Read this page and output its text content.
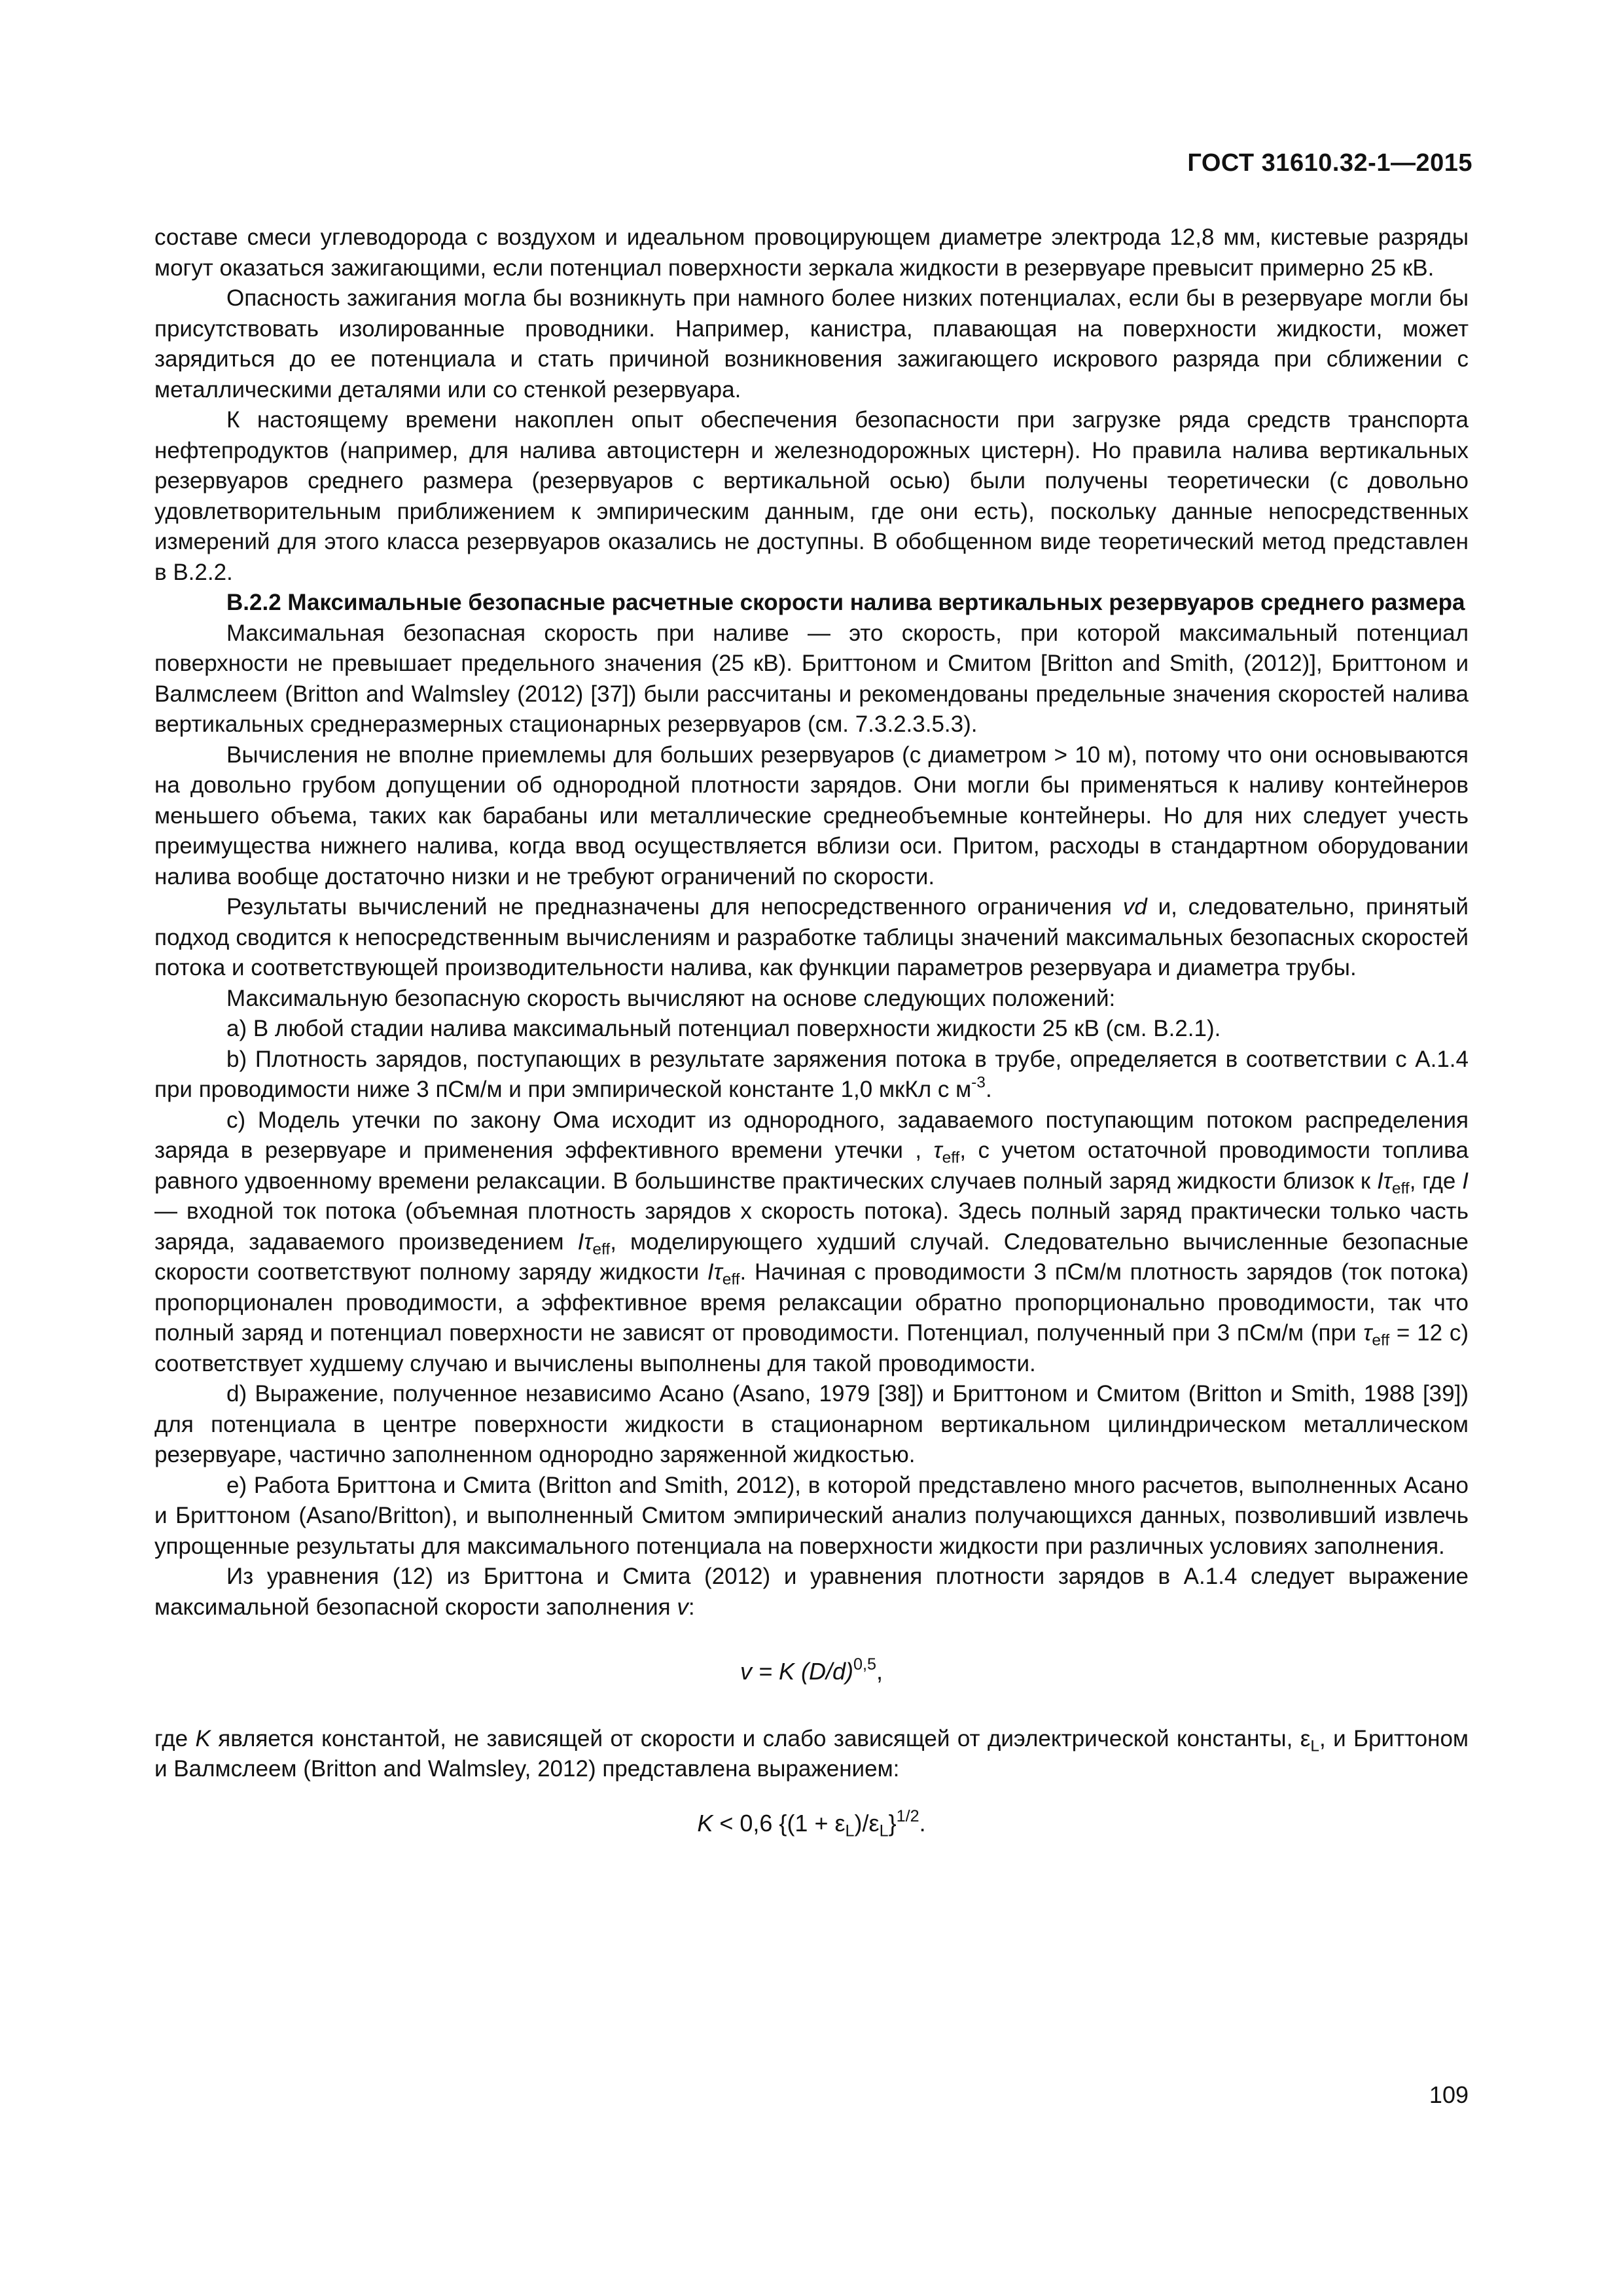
ГОСТ 31610.32-1—2015

составе смеси углеводорода с воздухом и идеальном провоцирующем диаметре электрода 12,8 мм, кистевые разряды могут оказаться зажигающими, если потенциал поверхности зеркала жидкости в резервуаре превысит примерно 25 кВ.

Опасность зажигания могла бы возникнуть при намного более низких потенциалах, если бы в резервуаре могли бы присутствовать изолированные проводники. Например, канистра, плавающая на поверхности жидкости, может зарядиться до ее потенциала и стать причиной возникновения зажигающего искрового разряда при сближении с металлическими деталями или со стенкой резервуара.

К настоящему времени накоплен опыт обеспечения безопасности при загрузке ряда средств транспорта нефтепродуктов (например, для налива автоцистерн и железнодорожных цистерн). Но правила налива вертикальных резервуаров среднего размера (резервуаров с вертикальной осью) были получены теоретически (с довольно удовлетворительным приближением к эмпирическим данным, где они есть), поскольку данные непосредственных измерений для этого класса резервуаров оказались не доступны. В обобщенном виде теоретический метод представлен в В.2.2.

В.2.2 Максимальные безопасные расчетные скорости налива вертикальных резервуаров среднего размера

Максимальная безопасная скорость при наливе — это скорость, при которой максимальный потенциал поверхности не превышает предельного значения (25 кВ). Бриттоном и Смитом [Britton and Smith, (2012)], Бриттоном и Валмслеем (Britton and Walmsley (2012) [37]) были рассчитаны и рекомендованы предельные значения скоростей налива вертикальных среднеразмерных стационарных резервуаров (см. 7.3.2.3.5.3).

Вычисления не вполне приемлемы для больших резервуаров (с диаметром > 10 м), потому что они основываются на довольно грубом допущении об однородной плотности зарядов. Они могли бы применяться к наливу контейнеров меньшего объема, таких как барабаны или металлические среднеобъемные контейнеры. Но для них следует учесть преимущества нижнего налива, когда ввод осуществляется вблизи оси. Притом, расходы в стандартном оборудовании налива вообще достаточно низки и не требуют ограничений по скорости.

Результаты вычислений не предназначены для непосредственного ограничения vd и, следовательно, принятый подход сводится к непосредственным вычислениям и разработке таблицы значений максимальных безопасных скоростей потока и соответствующей производительности налива, как функции параметров резервуара и диаметра трубы.

Максимальную безопасную скорость вычисляют на основе следующих положений:

a) В любой стадии налива максимальный потенциал поверхности жидкости 25 кВ (см. В.2.1).

b) Плотность зарядов, поступающих в результате заряжения потока в трубе, определяется в соответствии с А.1.4 при проводимости ниже 3 пСм/м и при эмпирической константе 1,0 мкКл с $м^{-3}$.

c) Модель утечки по закону Ома исходит из однородного, задаваемого поступающим потоком распределения заряда в резервуаре и применения эффективного времени утечки , $\tau_{eff}$, с учетом остаточной проводимости топлива равного удвоенному времени релаксации. В большинстве практических случаев полный заряд жидкости близок к $I\tau_{eff}$, где I — входной ток потока (объемная плотность зарядов х скорость потока). Здесь полный заряд практически только часть заряда, задаваемого произведением $I\tau_{eff}$, моделирующего худший случай. Следовательно вычисленные безопасные скорости соответствуют полному заряду жидкости $I\tau_{eff}$. Начиная с проводимости 3 пСм/м плотность зарядов (ток потока) пропорционален проводимости, а эффективное время релаксации обратно пропорционально проводимости, так что полный заряд и потенциал поверхности не зависят от проводимости. Потенциал, полученный при 3 пСм/м (при $\tau_{eff} = 12$ с) соответствует худшему случаю и вычислены выполнены для такой проводимости.

d) Выражение, полученное независимо Асано (Asano, 1979 [38]) и Бриттоном и Смитом (Britton и Smith, 1988 [39]) для потенциала в центре поверхности жидкости в стационарном вертикальном цилиндрическом металлическом резервуаре, частично заполненном однородно заряженной жидкостью.

e) Работа Бриттона и Смита (Britton and Smith, 2012), в которой представлено много расчетов, выполненных Асано и Бриттоном (Asano/Britton), и выполненный Смитом эмпирический анализ получающихся данных, позволивший извлечь упрощенные результаты для максимального потенциала на поверхности жидкости при различных условиях заполнения.

Из уравнения (12) из Бриттона и Смита (2012) и уравнения плотности зарядов в А.1.4 следует выражение максимальной безопасной скорости заполнения v:

v = K $(D/d)^{0,5}$,

где K является константой, не зависящей от скорости и слабо зависящей от диэлектрической константы, $\varepsilon_L$, и Бриттоном и Валмслеем (Britton and Walmsley, 2012) представлена выражением:

K < 0,6 $\{(1 + \varepsilon_L)/\varepsilon_L\}^{1/2}$.
109
